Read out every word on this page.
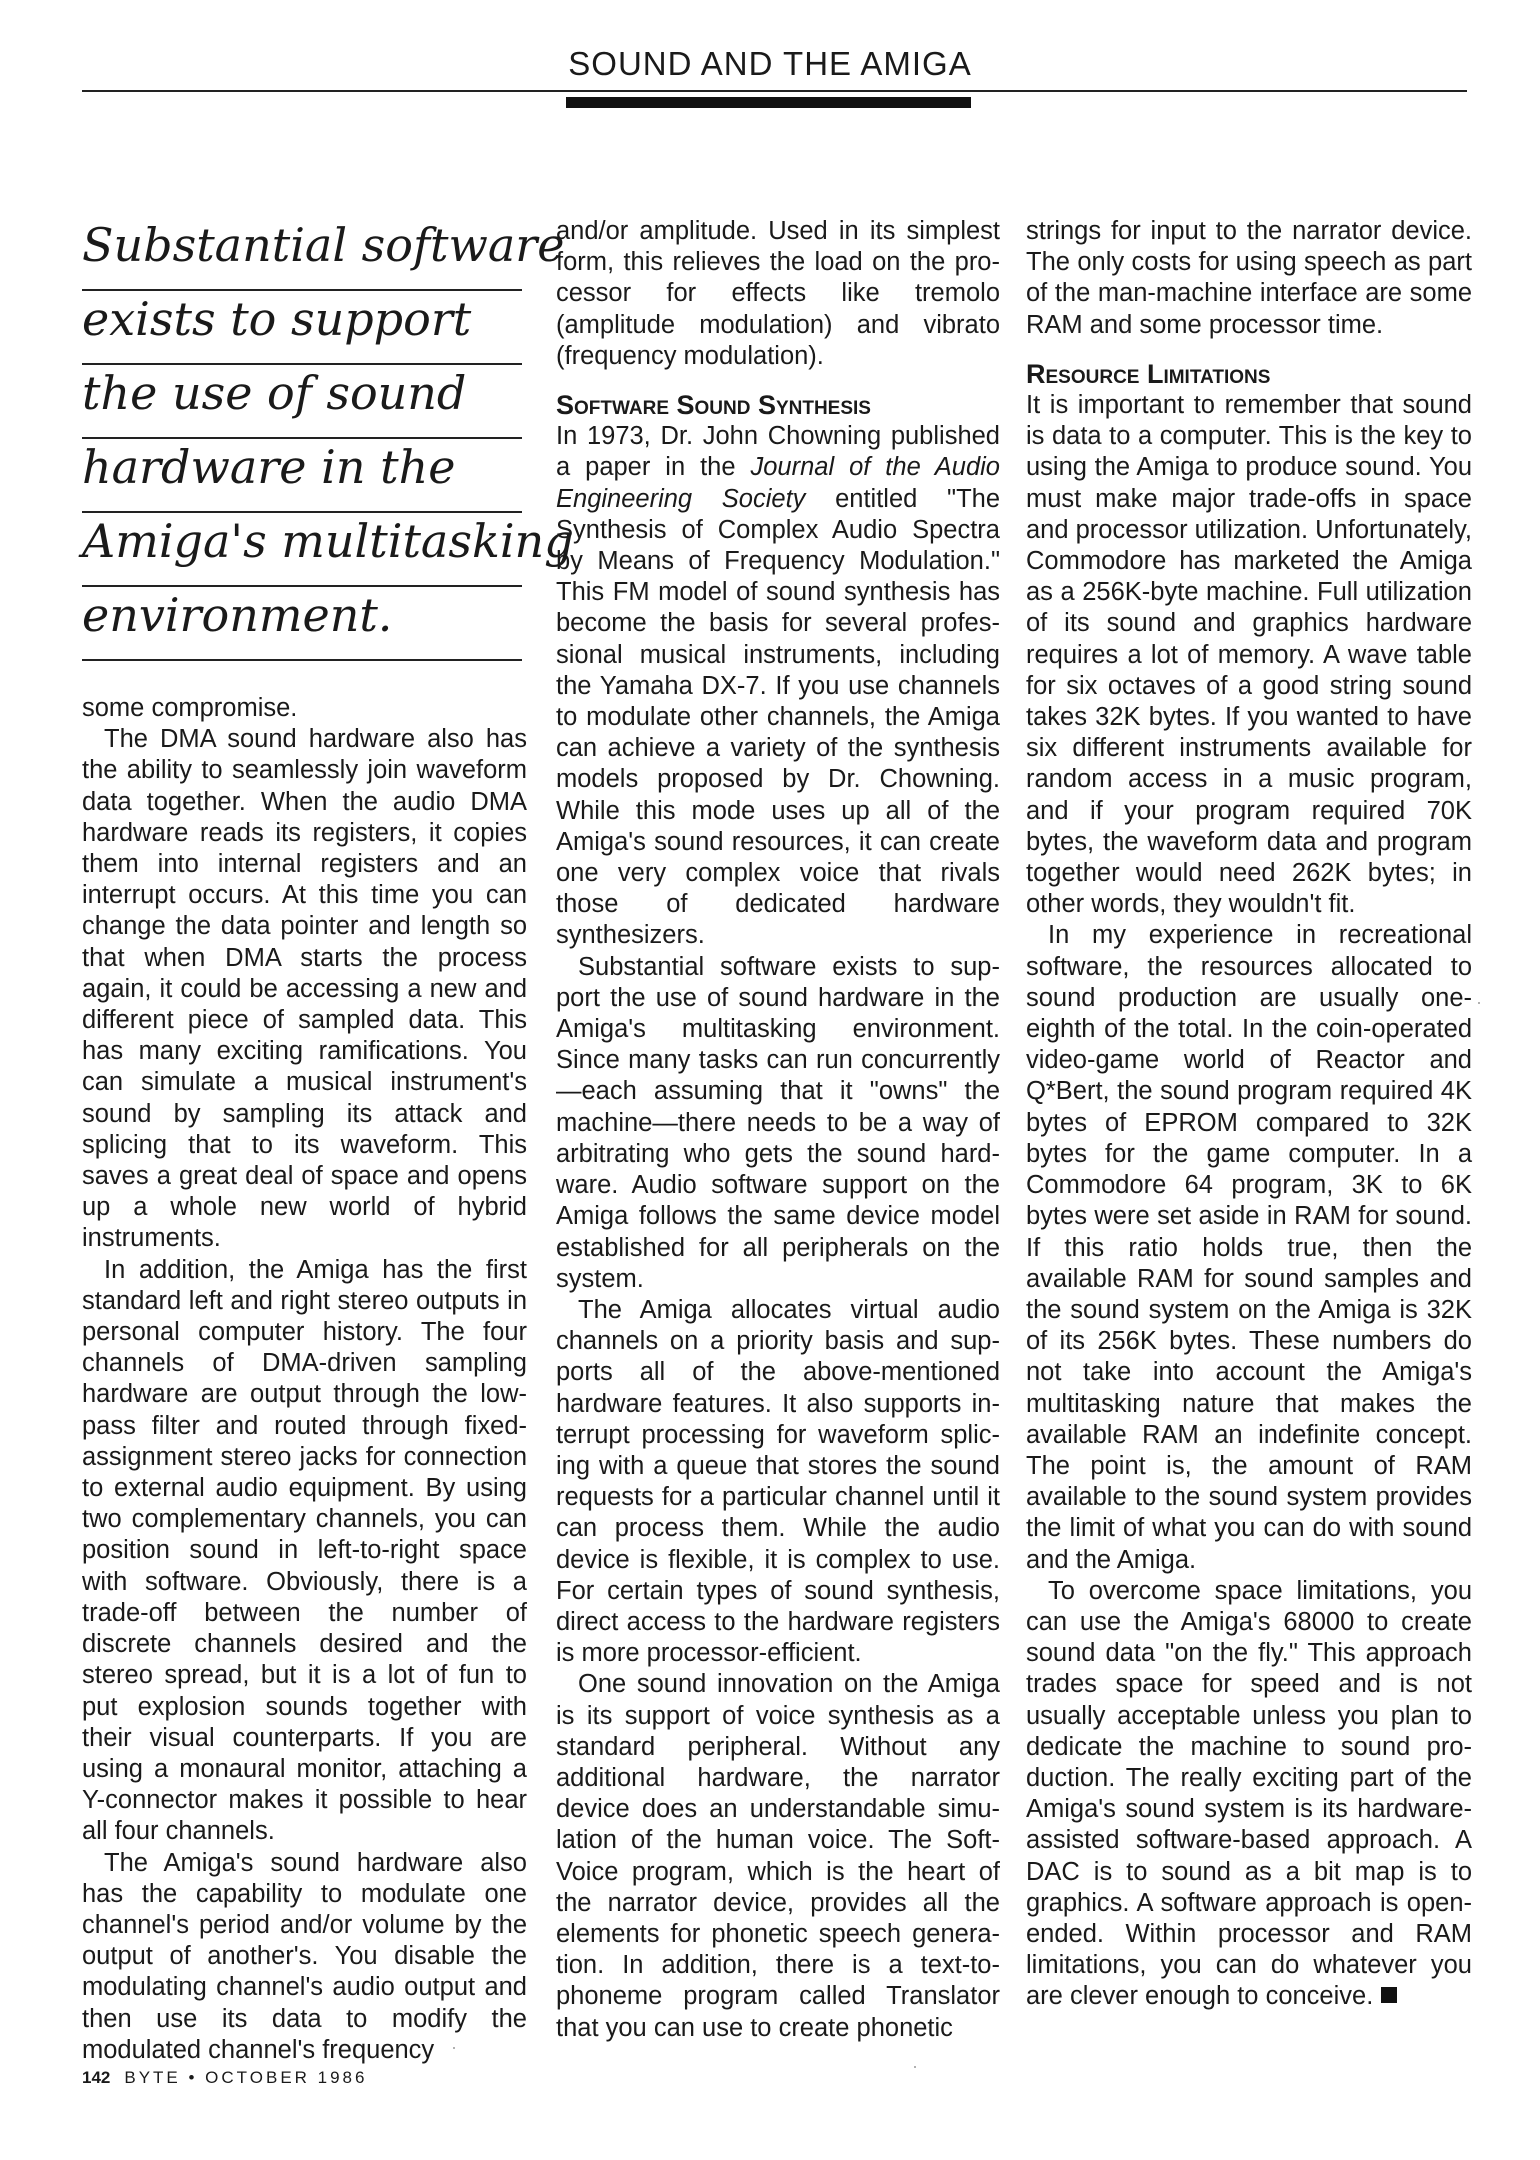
SOUND AND THE AMIGA
Substantial software
exists to support
the use of sound
hardware in the
Amiga's multitasking
environment.

some compromise.

The DMA sound hardware also has the ability to seamlessly join waveform data together. When the audio DMA hardware reads its registers, it copies them into internal registers and an interrupt occurs. At this time you can change the data pointer and length so that when DMA starts the process again, it could be accessing a new and different piece of sampled data. This has many exciting ramifications. You can simulate a musical instrument's sound by sampling its attack and splicing that to its waveform. This saves a great deal of space and opens up a whole new world of hybrid instruments.

In addition, the Amiga has the first standard left and right stereo outputs in personal computer history. The four channels of DMA-driven sampling hardware are output through the low-pass filter and routed through fixed-assignment stereo jacks for connection to external audio equipment. By using two complementary channels, you can position sound in left-to-right space with software. Obviously, there is a trade-off between the number of discrete channels desired and the stereo spread, but it is a lot of fun to put explosion sounds together with their visual counterparts. If you are using a monaural monitor, attaching a Y-connector makes it possible to hear all four channels.

The Amiga's sound hardware also has the capability to modulate one channel's period and/or volume by the output of another's. You disable the modulating channel's audio output and then use its data to modify the modulated channel's frequency

and/or amplitude. Used in its simplest form, this relieves the load on the processor for effects like tremolo (amplitude modulation) and vibrato (frequency modulation).

Software Sound Synthesis

In 1973, Dr. John Chowning published a paper in the Journal of the Audio Engineering Society entitled "The Synthesis of Complex Audio Spectra by Means of Frequency Modulation." This FM model of sound synthesis has become the basis for several professional musical instruments, including the Yamaha DX-7. If you use channels to modulate other channels, the Amiga can achieve a variety of the synthesis models proposed by Dr. Chowning. While this mode uses up all of the Amiga's sound resources, it can create one very complex voice that rivals those of dedicated hardware synthesizers.

Substantial software exists to support the use of sound hardware in the Amiga's multitasking environment. Since many tasks can run concurrently—each assuming that it "owns" the machine—there needs to be a way of arbitrating who gets the sound hardware. Audio software support on the Amiga follows the same device model established for all peripherals on the system.

The Amiga allocates virtual audio channels on a priority basis and supports all of the above-mentioned hardware features. It also supports interrupt processing for waveform splicing with a queue that stores the sound requests for a particular channel until it can process them. While the audio device is flexible, it is complex to use. For certain types of sound synthesis, direct access to the hardware registers is more processor-efficient.

One sound innovation on the Amiga is its support of voice synthesis as a standard peripheral. Without any additional hardware, the narrator device does an understandable simulation of the human voice. The Soft-Voice program, which is the heart of the narrator device, provides all the elements for phonetic speech generation. In addition, there is a text-to-phoneme program called Translator that you can use to create phonetic

strings for input to the narrator device. The only costs for using speech as part of the man-machine interface are some RAM and some processor time.

Resource Limitations

It is important to remember that sound is data to a computer. This is the key to using the Amiga to produce sound. You must make major trade-offs in space and processor utilization. Unfortunately, Commodore has marketed the Amiga as a 256K-byte machine. Full utilization of its sound and graphics hardware requires a lot of memory. A wave table for six octaves of a good string sound takes 32K bytes. If you wanted to have six different instruments available for random access in a music program, and if your program required 70K bytes, the waveform data and program together would need 262K bytes; in other words, they wouldn't fit.

In my experience in recreational software, the resources allocated to sound production are usually one-eighth of the total. In the coin-operated video-game world of Reactor and Q*Bert, the sound program required 4K bytes of EPROM compared to 32K bytes for the game computer. In a Commodore 64 program, 3K to 6K bytes were set aside in RAM for sound. If this ratio holds true, then the available RAM for sound samples and the sound system on the Amiga is 32K of its 256K bytes. These numbers do not take into account the Amiga's multitasking nature that makes the available RAM an indefinite concept. The point is, the amount of RAM available to the sound system provides the limit of what you can do with sound and the Amiga.

To overcome space limitations, you can use the Amiga's 68000 to create sound data "on the fly." This approach trades space for speed and is not usually acceptable unless you plan to dedicate the machine to sound production. The really exciting part of the Amiga's sound system is its hardware-assisted software-based approach. A DAC is to sound as a bit map is to graphics. A software approach is open-ended. Within processor and RAM limitations, you can do whatever you are clever enough to conceive.

142 BYTE • OCTOBER 1986
